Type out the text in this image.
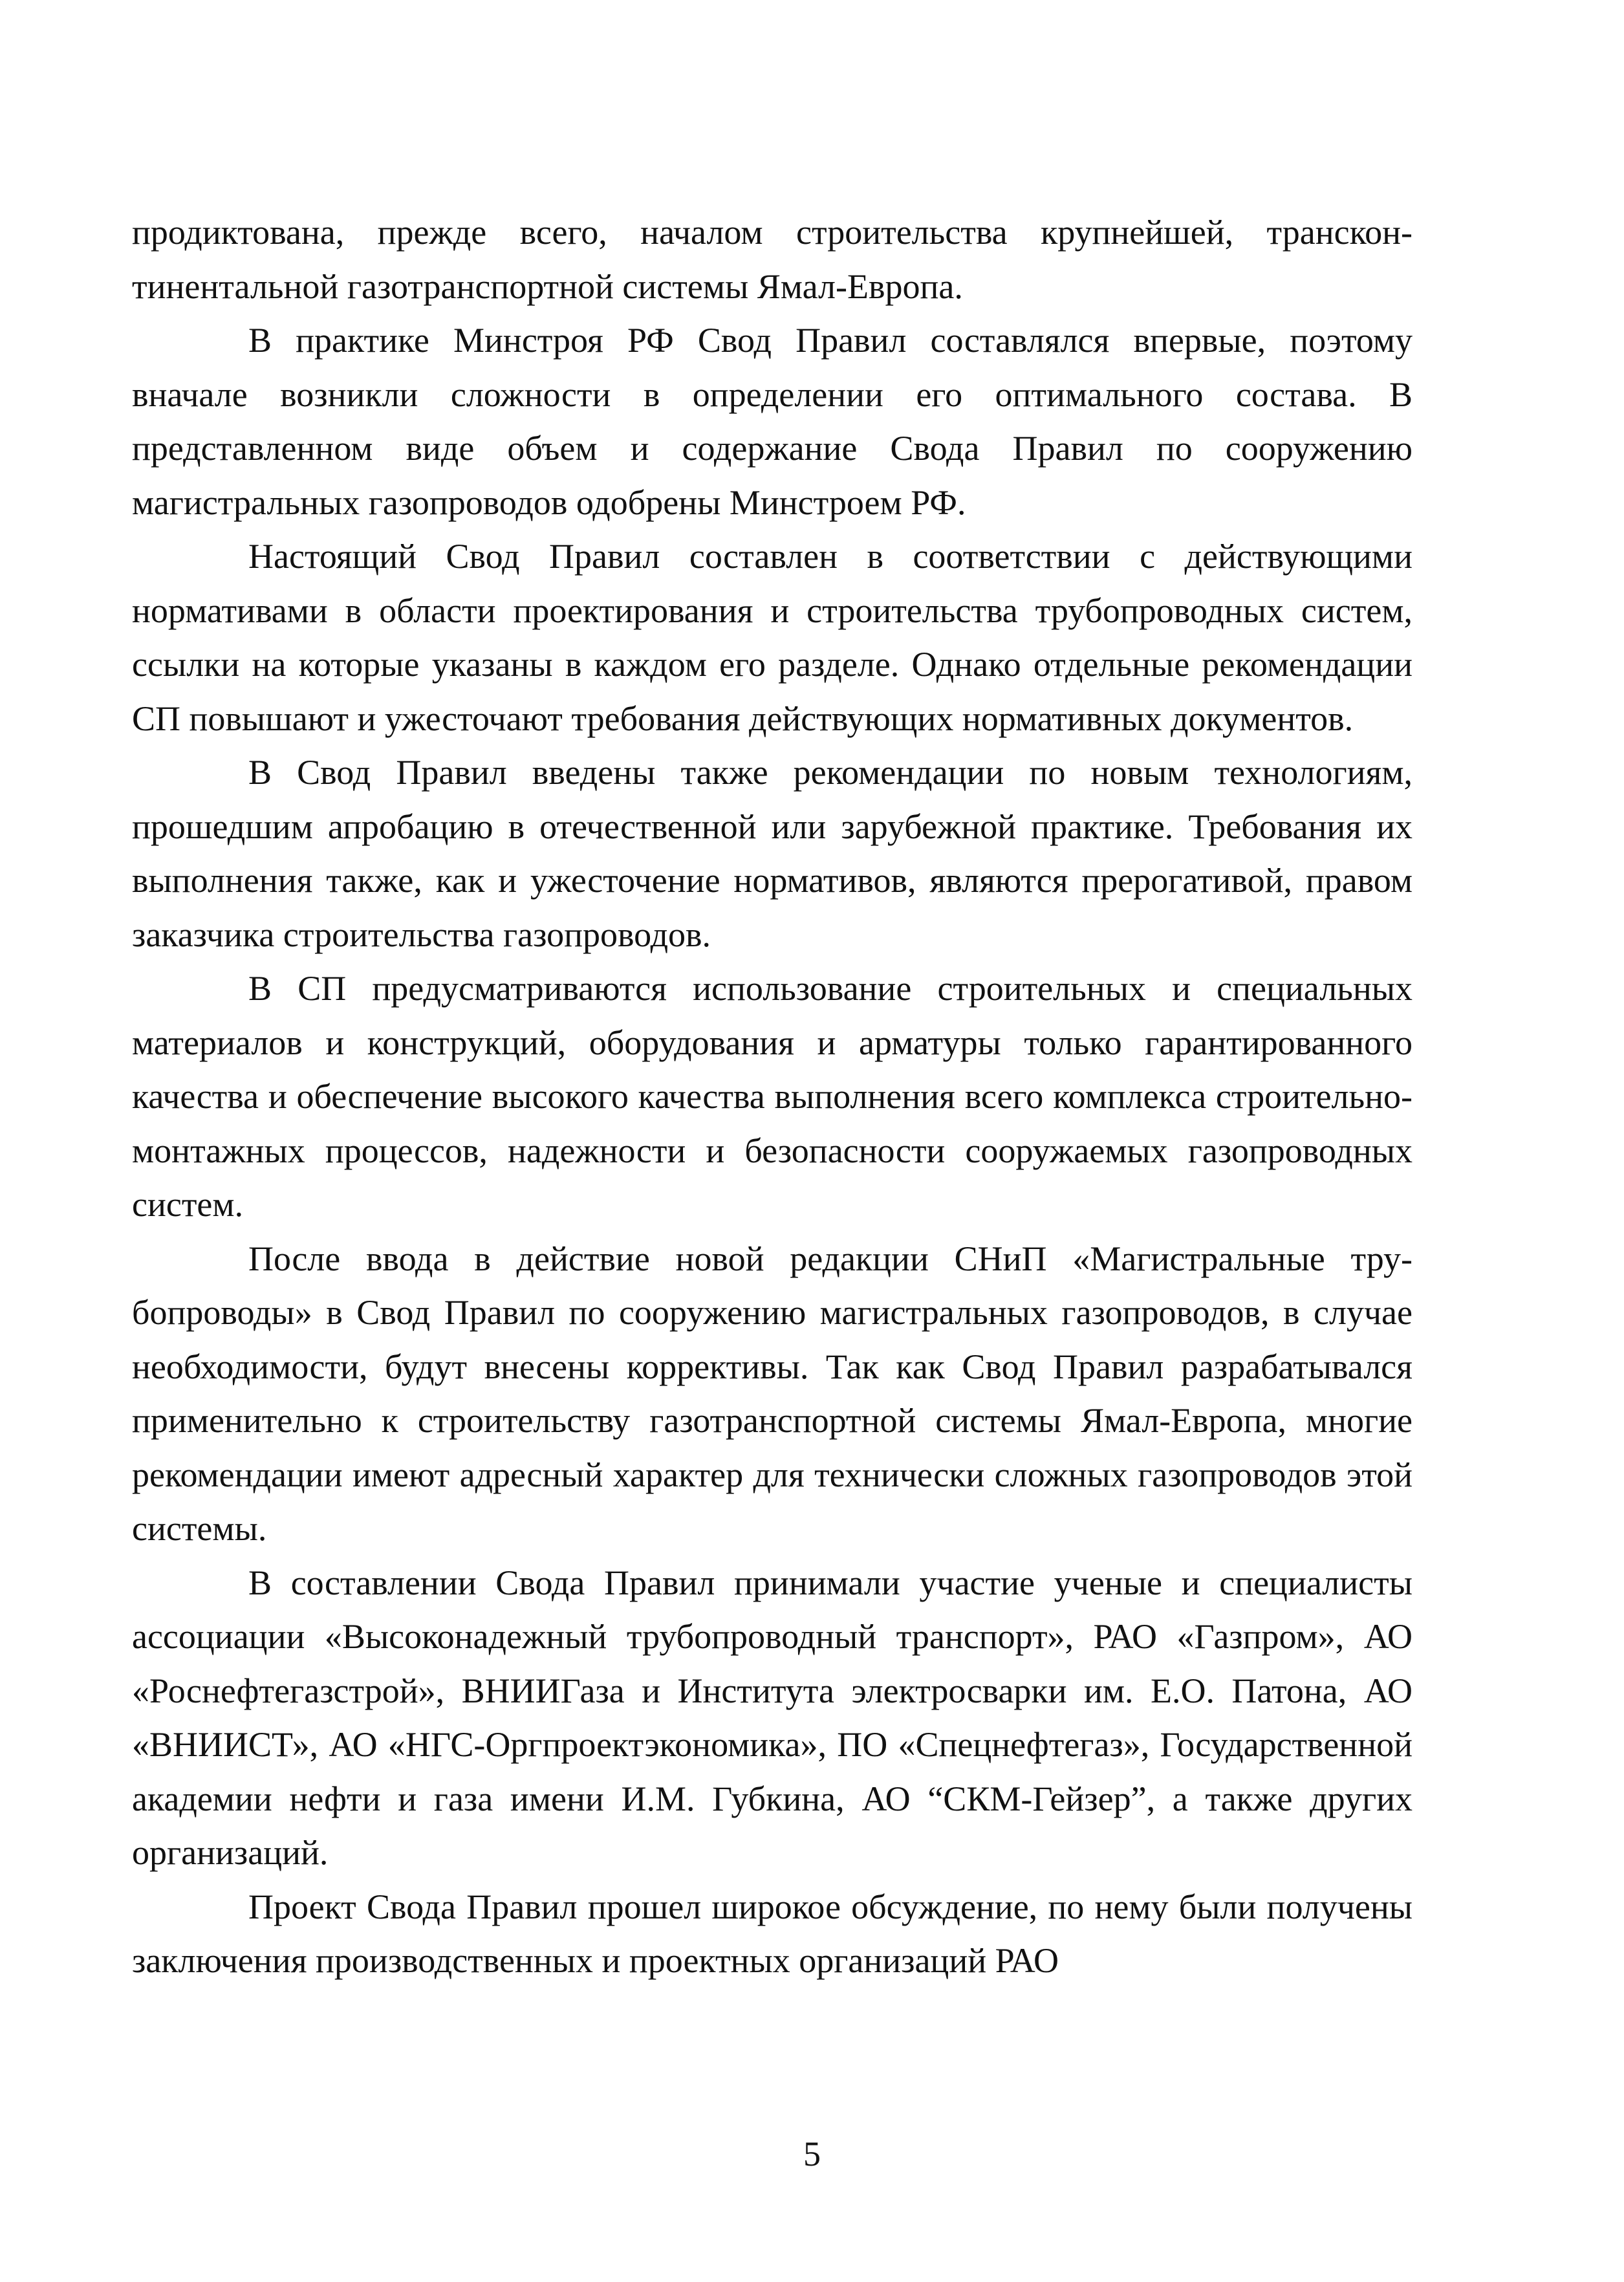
продиктована, прежде всего, началом строительства крупнейшей, трансконтинентальной газотранспортной системы Ямал-Европа.

В практике Минстроя РФ Свод Правил составлялся впервые, поэтому вначале возникли сложности в определении его оптимального состава. В представленном виде объем и содержание Свода Правил по сооружению магистральных газопроводов одобрены Минстроем РФ.

Настоящий Свод Правил составлен в соответствии с действующими нормативами в области проектирования и строительства трубопроводных систем, ссылки на которые указаны в каждом его разделе. Однако отдельные рекомендации СП повышают и ужесточают требования действующих нормативных документов.

В Свод Правил введены также рекомендации по новым технологиям, прошедшим апробацию в отечественной или зарубежной практике. Требования их выполнения также, как и ужесточение нормативов, являются прерогативой, правом заказчика строительства газопроводов.

В СП предусматриваются использование строительных и специальных материалов и конструкций, оборудования и арматуры только гарантированного качества и обеспечение высокого качества выполнения всего комплекса строительно-монтажных процессов, надежности и безопасности сооружаемых газопроводных систем.

После ввода в действие новой редакции СНиП «Магистральные трубопроводы» в Свод Правил по сооружению магистральных газопроводов, в случае необходимости, будут внесены коррективы. Так как Свод Правил разрабатывался применительно к строительству газотранспортной системы Ямал-Европа, многие рекомендации имеют адресный характер для технически сложных газопроводов этой системы.

В составлении Свода Правил принимали участие ученые и специалисты ассоциации «Высоконадежный трубопроводный транспорт», РАО «Газпром», АО «Роснефтегазстрой», ВНИИГаза и Института электросварки им. Е.О. Патона, АО «ВНИИСТ», АО «НГС-Оргпроектэкономика», ПО «Спецнефтегаз», Государственной академии нефти и газа имени И.М. Губкина, АО “СКМ-Гейзер”, а также других организаций.

Проект Свода Правил прошел широкое обсуждение, по нему были получены заключения производственных и проектных организаций РАО

5
